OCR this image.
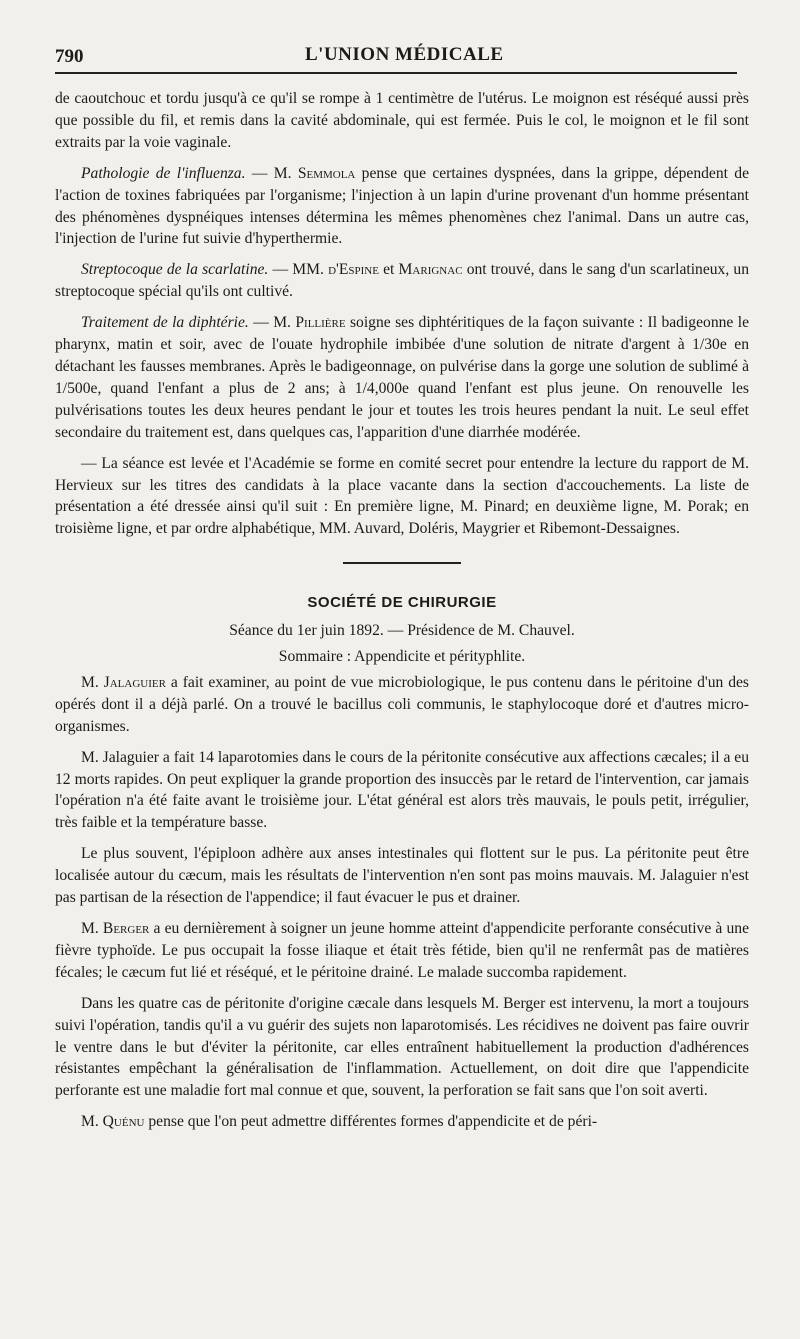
790	L'UNION MÉDICALE

de caoutchouc et tordu jusqu'à ce qu'il se rompe à 1 centimètre de l'utérus. Le moignon est réséqué aussi près que possible du fil, et remis dans la cavité abdominale, qui est fermée. Puis le col, le moignon et le fil sont extraits par la voie vaginale.

Pathologie de l'influenza. — M. Semmola pense que certaines dyspnées, dans la grippe, dépendent de l'action de toxines fabriquées par l'organisme; l'injection à un lapin d'urine provenant d'un homme présentant des phénomènes dyspnéiques intenses détermina les mêmes phenomènes chez l'animal. Dans un autre cas, l'injection de l'urine fut suivie d'hyperthermie.

Streptocoque de la scarlatine. — MM. d'Espine et Marignac ont trouvé, dans le sang d'un scarlatineux, un streptocoque spécial qu'ils ont cultivé.

Traitement de la diphtérie. — M. Pillière soigne ses diphtéritiques de la façon suivante : Il badigeonne le pharynx, matin et soir, avec de l'ouate hydrophile imbibée d'une solution de nitrate d'argent à 1/30e en détachant les fausses membranes. Après le badigeonnage, on pulvérise dans la gorge une solution de sublimé à 1/500e, quand l'enfant a plus de 2 ans; à 1/4,000e quand l'enfant est plus jeune. On renouvelle les pulvérisations toutes les deux heures pendant le jour et toutes les trois heures pendant la nuit. Le seul effet secondaire du traitement est, dans quelques cas, l'apparition d'une diarrhée modérée.

— La séance est levée et l'Académie se forme en comité secret pour entendre la lecture du rapport de M. Hervieux sur les titres des candidats à la place vacante dans la section d'accouchements. La liste de présentation a été dressée ainsi qu'il suit : En première ligne, M. Pinard; en deuxième ligne, M. Porak; en troisième ligne, et par ordre alphabétique, MM. Auvard, Doléris, Maygrier et Ribemont-Dessaignes.

SOCIÉTÉ DE CHIRURGIE
Séance du 1er juin 1892. — Présidence de M. Chauvel.
Sommaire : Appendicite et pérityphlite.

M. Jalaguier a fait examiner, au point de vue microbiologique, le pus contenu dans le péritoine d'un des opérés dont il a déjà parlé. On a trouvé le bacillus coli communis, le staphylocoque doré et d'autres micro-organismes.

M. Jalaguier a fait 14 laparotomies dans le cours de la péritonite consécutive aux affections cæcales; il a eu 12 morts rapides. On peut expliquer la grande proportion des insuccès par le retard de l'intervention, car jamais l'opération n'a été faite avant le troisième jour. L'état général est alors très mauvais, le pouls petit, irrégulier, très faible et la température basse.

Le plus souvent, l'épiploon adhère aux anses intestinales qui flottent sur le pus. La péritonite peut être localisée autour du cæcum, mais les résultats de l'intervention n'en sont pas moins mauvais. M. Jalaguier n'est pas partisan de la résection de l'appendice; il faut évacuer le pus et drainer.

M. Berger a eu dernièrement à soigner un jeune homme atteint d'appendicite perforante consécutive à une fièvre typhoïde. Le pus occupait la fosse iliaque et était très fétide, bien qu'il ne renfermât pas de matières fécales; le cæcum fut lié et réséqué, et le péritoine drainé. Le malade succomba rapidement.

Dans les quatre cas de péritonite d'origine cæcale dans lesquels M. Berger est intervenu, la mort a toujours suivi l'opération, tandis qu'il a vu guérir des sujets non laparotomisés. Les récidives ne doivent pas faire ouvrir le ventre dans le but d'éviter la péritonite, car elles entraînent habituellement la production d'adhérences résistantes empêchant la généralisation de l'inflammation. Actuellement, on doit dire que l'appendicite perforante est une maladie fort mal connue et que, souvent, la perforation se fait sans que l'on soit averti.

M. Quénu pense que l'on peut admettre différentes formes d'appendicite et de péri-
